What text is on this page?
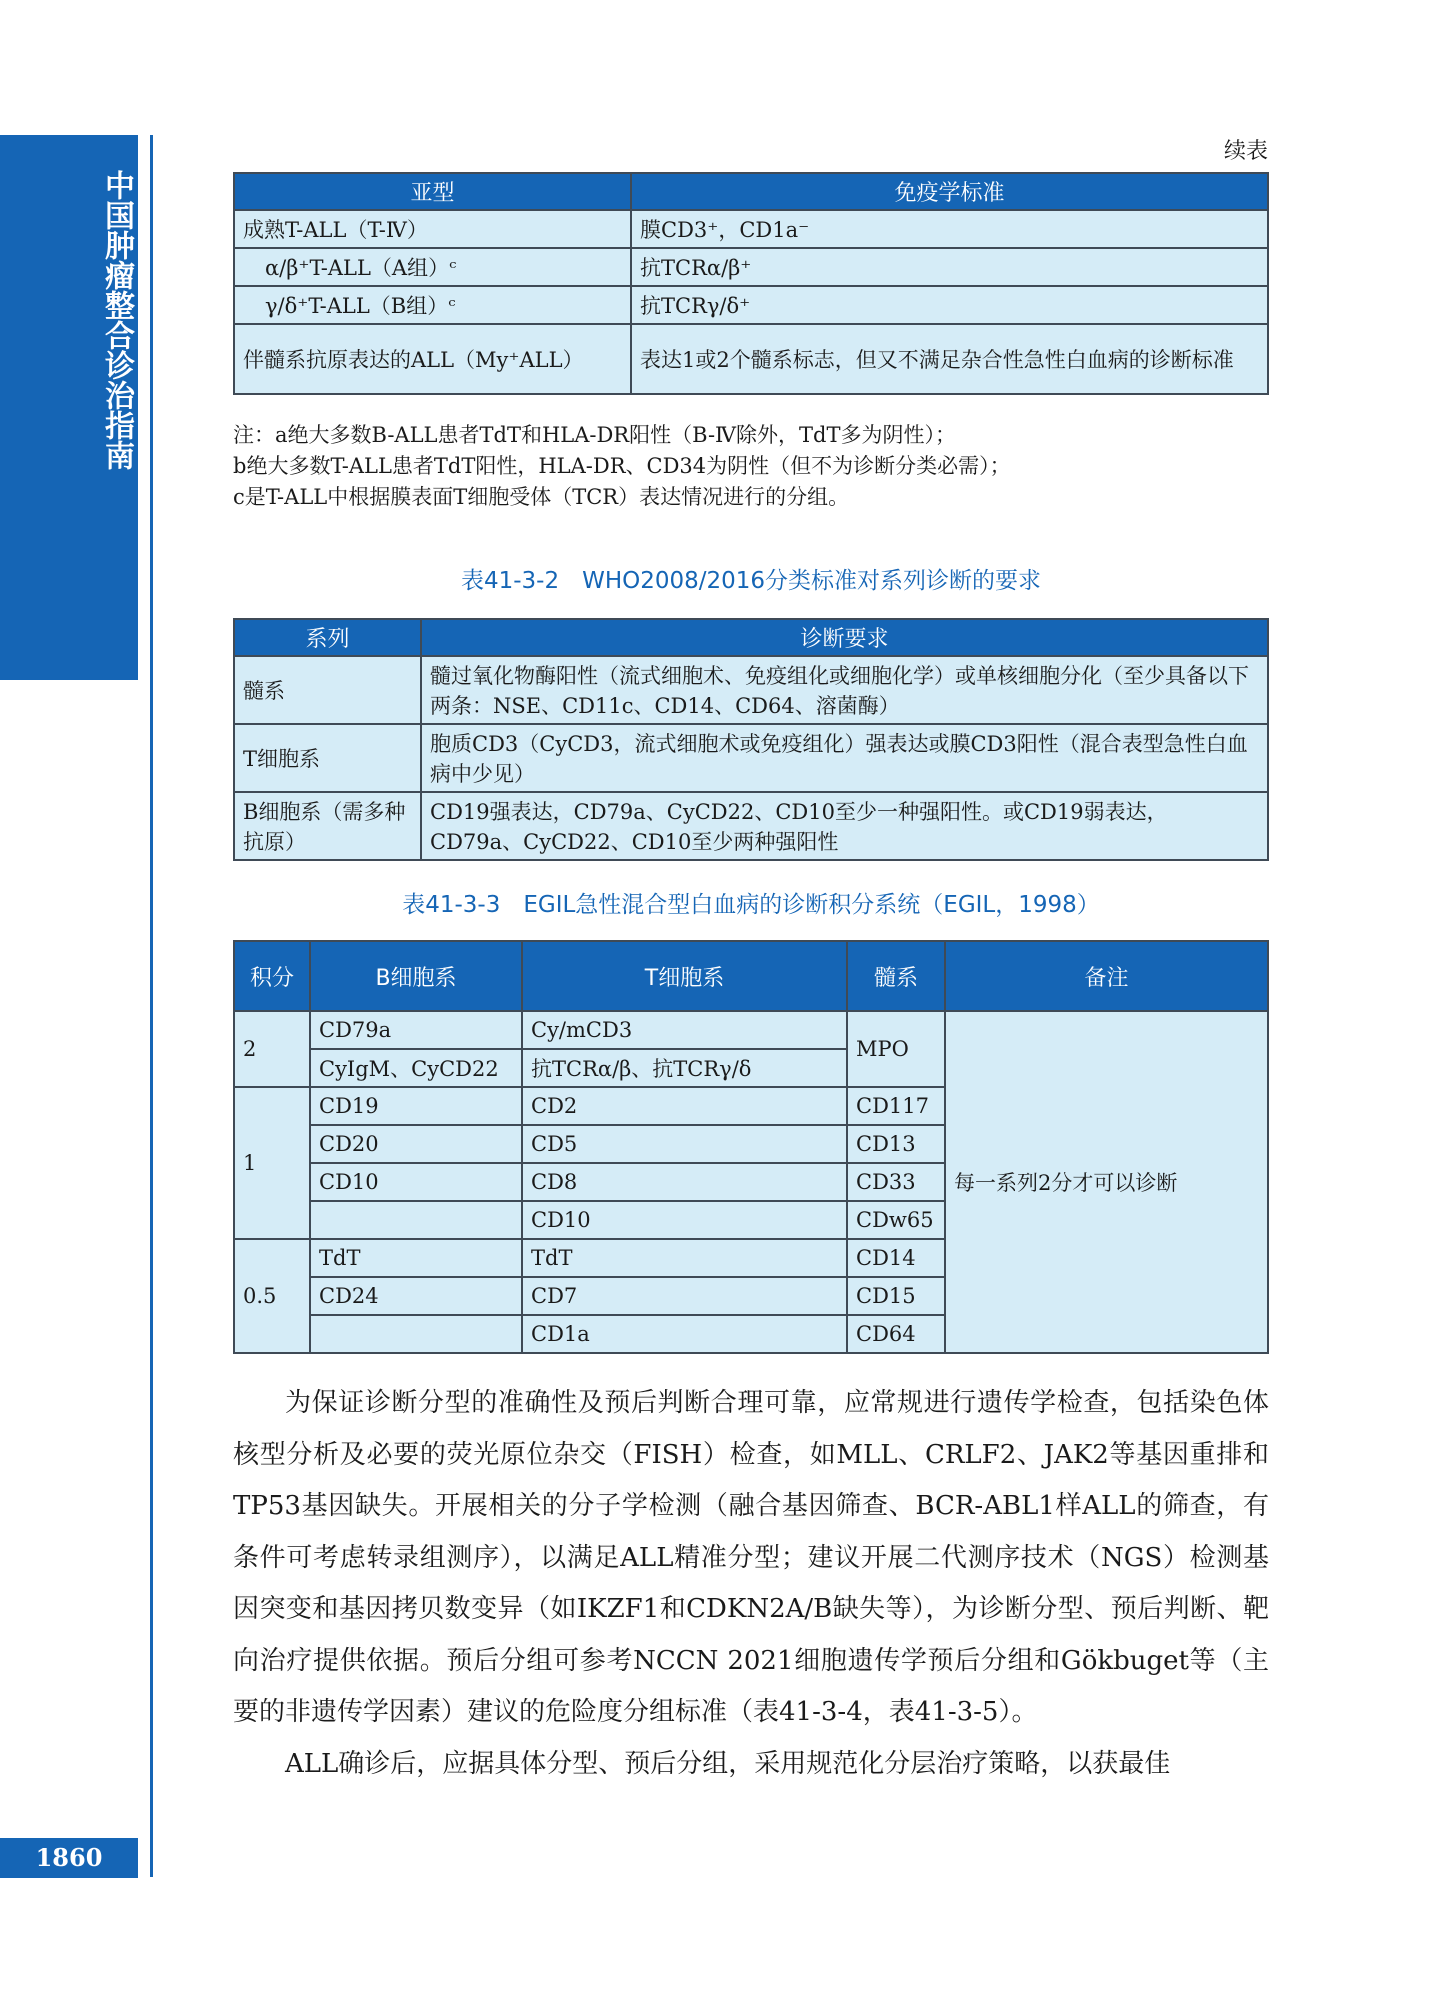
中国肿瘤整合诊治指南
1860
续表
亚型	免疫学标准
成熟T-ALL（T-Ⅳ）	膜CD3⁺，CD1a⁻
α/β⁺T-ALL（A组）ᶜ	抗TCRα/β⁺
γ/δ⁺T-ALL（B组）ᶜ	抗TCRγ/δ⁺
伴髓系抗原表达的ALL（My⁺ALL）	表达1或2个髓系标志，但又不满足杂合性急性白血病的诊断标准
注：a绝大多数B-ALL患者TdT和HLA-DR阳性（B-Ⅳ除外，TdT多为阴性）；
b绝大多数T-ALL患者TdT阳性，HLA-DR、CD34为阴性（但不为诊断分类必需）；
c是T-ALL中根据膜表面T细胞受体（TCR）表达情况进行的分组。
表41-3-2　WHO2008/2016分类标准对系列诊断的要求
系列	诊断要求
髓系	髓过氧化物酶阳性（流式细胞术、免疫组化或细胞化学）或单核细胞分化（至少具备以下两条：NSE、CD11c、CD14、CD64、溶菌酶）
T细胞系	胞质CD3（CyCD3，流式细胞术或免疫组化）强表达或膜CD3阳性（混合表型急性白血病中少见）
B细胞系（需多种抗原）	CD19强表达，CD79a、CyCD22、CD10至少一种强阳性。或CD19弱表达，CD79a、CyCD22、CD10至少两种强阳性
表41-3-3　EGIL急性混合型白血病的诊断积分系统（EGIL，1998）
积分	B细胞系	T细胞系	髓系	备注
2	CD79a	Cy/mCD3	MPO	每一系列2分才可以诊断
	CyIgM、CyCD22	抗TCRα/β、抗TCRγ/δ		
1	CD19	CD2	CD117	
	CD20	CD5	CD13	
	CD10	CD8	CD33	
		CD10	CDw65	
0.5	TdT	TdT	CD14	
	CD24	CD7	CD15	
		CD1a	CD64	

为保证诊断分型的准确性及预后判断合理可靠，应常规进行遗传学检查，包括染色体核型分析及必要的荧光原位杂交（FISH）检查，如MLL、CRLF2、JAK2等基因重排和TP53基因缺失。开展相关的分子学检测（融合基因筛查、BCR-ABL1样ALL的筛查，有条件可考虑转录组测序），以满足ALL精准分型；建议开展二代测序技术（NGS）检测基因突变和基因拷贝数变异（如IKZF1和CDKN2A/B缺失等），为诊断分型、预后判断、靶向治疗提供依据。预后分组可参考NCCN 2021细胞遗传学预后分组和Gökbuget等（主要的非遗传学因素）建议的危险度分组标准（表41-3-4，表41-3-5）。

ALL确诊后，应据具体分型、预后分组，采用规范化分层治疗策略，以获最佳
